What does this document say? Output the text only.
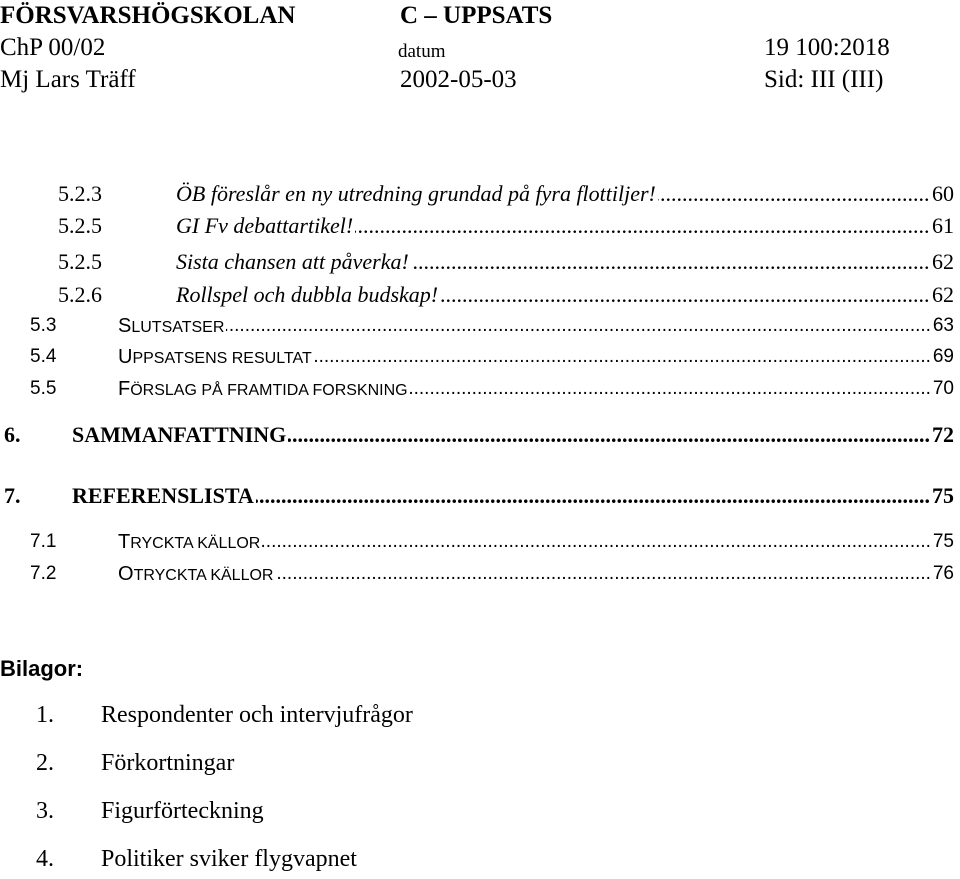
FÖRSVARSHÖGSKOLAN	C – UPPSATS
ChP 00/02	datum	19 100:2018
Mj Lars Träff	2002-05-03	Sid: III (III)
5.2.3	ÖB föreslår en ny utredning grundad på fyra flottiljer! .....	60
5.2.5	GI Fv debattartikel! .....	61
5.2.5	Sista chansen att påverka! .....	62
5.2.6	Rollspel och dubbla budskap! .....	62
5.3	SLUTSATSER .....	63
5.4	UPPSATSENS RESULTAT .....	69
5.5	FÖRSLAG PÅ FRAMTIDA FORSKNING .....	70
6. SAMMANFATTNING .....	72
7. REFERENSLISTA .....	75
7.1	TRYCKTA KÄLLOR .....	75
7.2	OTRYCKTA KÄLLOR .....	76
Bilagor:
1. Respondenter och intervjufrågor
2. Förkortningar
3. Figurförteckning
4. Politiker sviker flygvapnet
